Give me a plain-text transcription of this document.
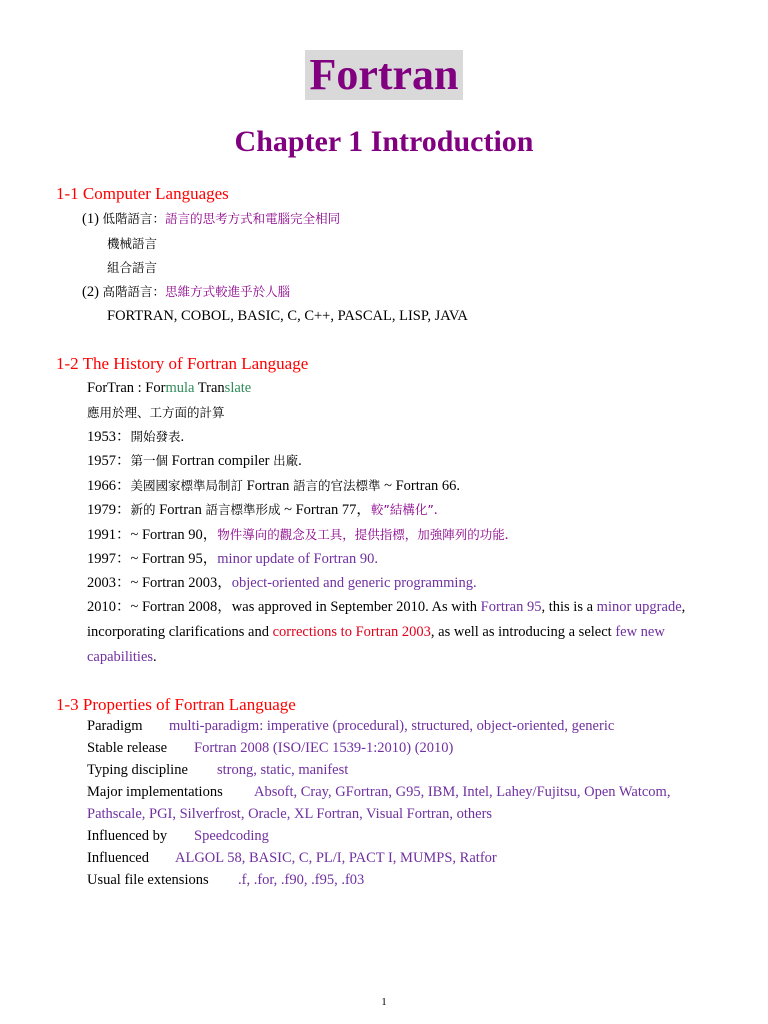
Fortran
Chapter 1 Introduction
1-1 Computer Languages
(1) 低階語言：語言的思考方式和電腦完全相同
機械語言
組合語言
(2) 高階語言：思維方式較進乎於人腦
FORTRAN, COBOL, BASIC, C, C++, PASCAL, LISP, JAVA
1-2 The History of Fortran Language
ForTran : Formula Translate
應用於理、工方面的計算
1953：開始發表.
1957：第一個 Fortran compiler 出廠.
1966：美國國家標準局制訂 Fortran 語言的官法標準 ~ Fortran 66.
1979：新的 Fortran 語言標準形成 ~ Fortran 77，較”結構化”.
1991：~ Fortran 90，物件導向的觀念及工具，提供指標，加強陣列的功能.
1997：~ Fortran 95，minor update of Fortran 90.
2003：~ Fortran 2003，object-oriented and generic programming.
2010：~ Fortran 2008，was approved in September 2010. As with Fortran 95, this is a minor upgrade,
incorporating clarifications and corrections to Fortran 2003, as well as introducing a select few new
capabilities.
1-3 Properties of Fortran Language
Paradigm multi-paradigm: imperative (procedural), structured, object-oriented, generic
Stable release Fortran 2008 (ISO/IEC 1539-1:2010) (2010)
Typing discipline strong, static, manifest
Major implementations Absoft, Cray, GFortran, G95, IBM, Intel, Lahey/Fujitsu, Open Watcom,
Pathscale, PGI, Silverfrost, Oracle, XL Fortran, Visual Fortran, others
Influenced by Speedcoding
Influenced ALGOL 58, BASIC, C, PL/I, PACT I, MUMPS, Ratfor
Usual file extensions .f, .for, .f90, .f95, .f03
1
